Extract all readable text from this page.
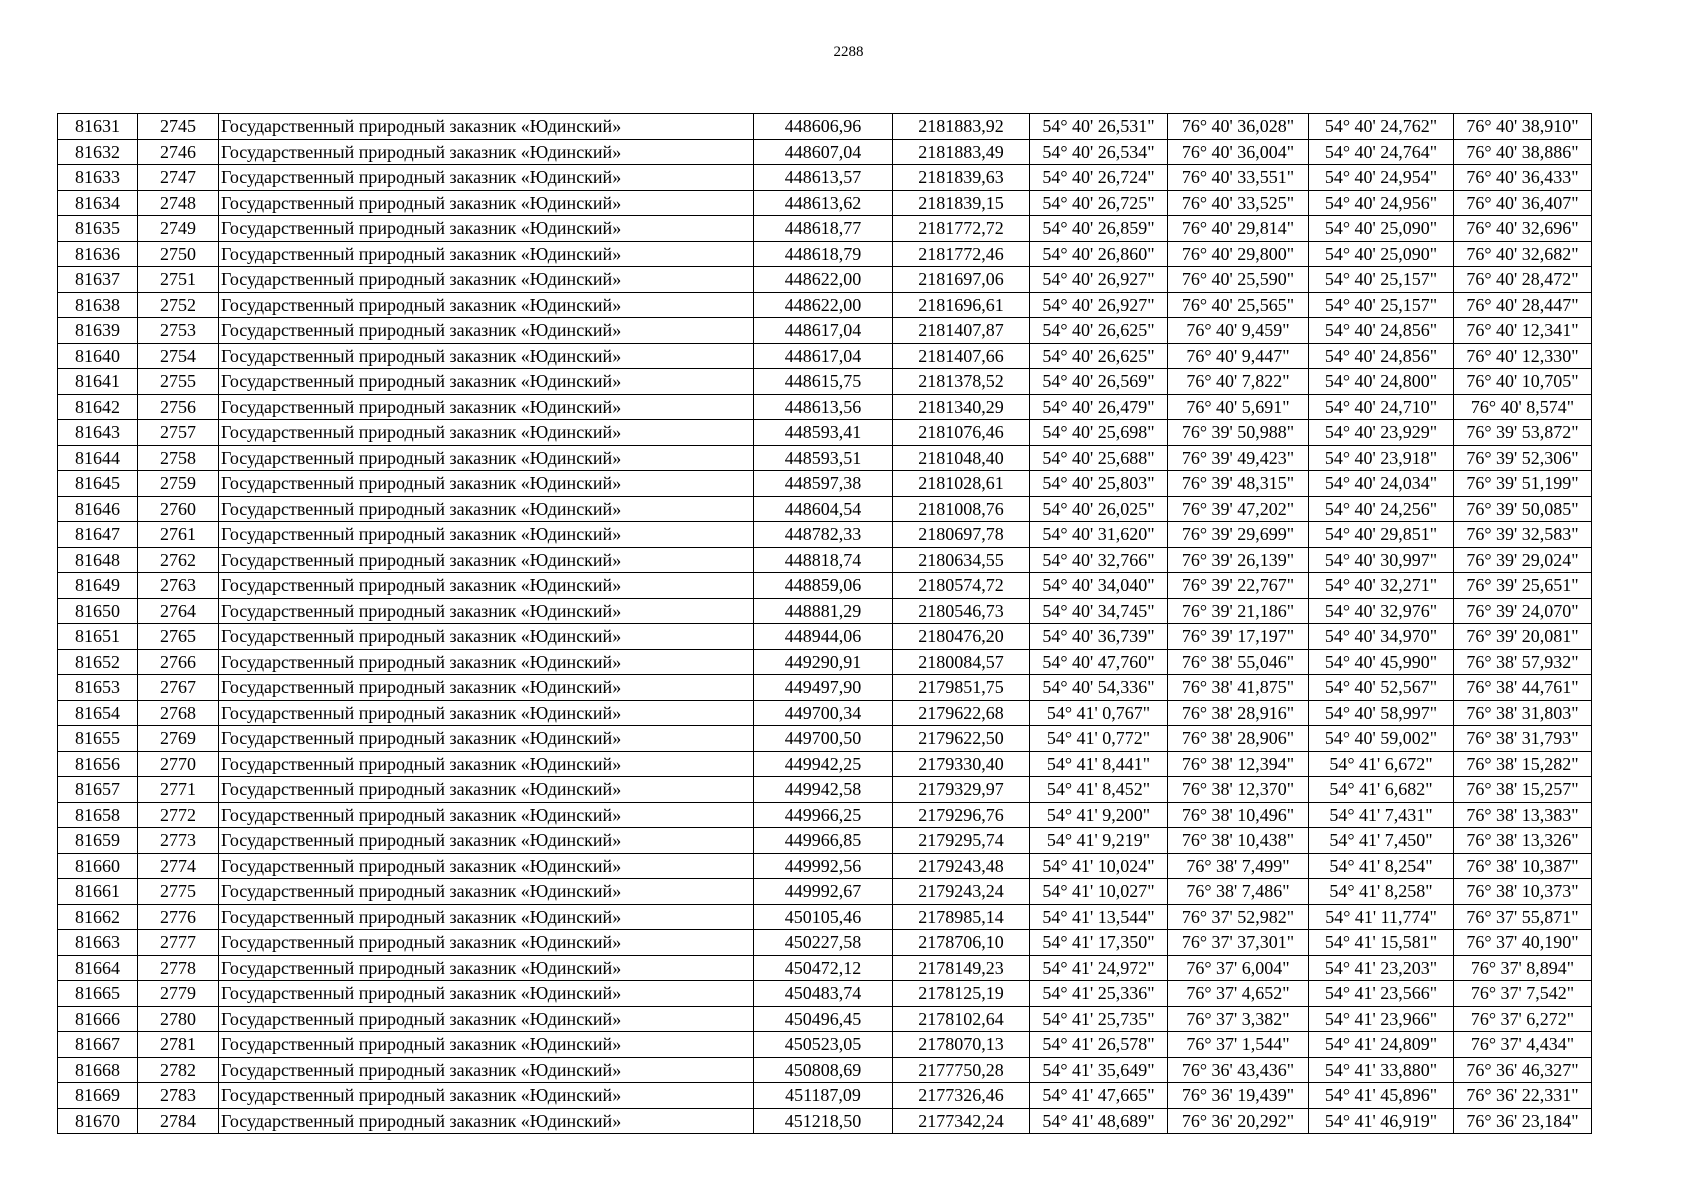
2288
81631	2745	Государственный природный заказник «Юдинский»	448606,96	2181883,92	54° 40' 26,531"	76° 40' 36,028"	54° 40' 24,762"	76° 40' 38,910"
81632	2746	Государственный природный заказник «Юдинский»	448607,04	2181883,49	54° 40' 26,534"	76° 40' 36,004"	54° 40' 24,764"	76° 40' 38,886"
81633	2747	Государственный природный заказник «Юдинский»	448613,57	2181839,63	54° 40' 26,724"	76° 40' 33,551"	54° 40' 24,954"	76° 40' 36,433"
81634	2748	Государственный природный заказник «Юдинский»	448613,62	2181839,15	54° 40' 26,725"	76° 40' 33,525"	54° 40' 24,956"	76° 40' 36,407"
81635	2749	Государственный природный заказник «Юдинский»	448618,77	2181772,72	54° 40' 26,859"	76° 40' 29,814"	54° 40' 25,090"	76° 40' 32,696"
81636	2750	Государственный природный заказник «Юдинский»	448618,79	2181772,46	54° 40' 26,860"	76° 40' 29,800"	54° 40' 25,090"	76° 40' 32,682"
81637	2751	Государственный природный заказник «Юдинский»	448622,00	2181697,06	54° 40' 26,927"	76° 40' 25,590"	54° 40' 25,157"	76° 40' 28,472"
81638	2752	Государственный природный заказник «Юдинский»	448622,00	2181696,61	54° 40' 26,927"	76° 40' 25,565"	54° 40' 25,157"	76° 40' 28,447"
81639	2753	Государственный природный заказник «Юдинский»	448617,04	2181407,87	54° 40' 26,625"	76° 40' 9,459"	54° 40' 24,856"	76° 40' 12,341"
81640	2754	Государственный природный заказник «Юдинский»	448617,04	2181407,66	54° 40' 26,625"	76° 40' 9,447"	54° 40' 24,856"	76° 40' 12,330"
81641	2755	Государственный природный заказник «Юдинский»	448615,75	2181378,52	54° 40' 26,569"	76° 40' 7,822"	54° 40' 24,800"	76° 40' 10,705"
81642	2756	Государственный природный заказник «Юдинский»	448613,56	2181340,29	54° 40' 26,479"	76° 40' 5,691"	54° 40' 24,710"	76° 40' 8,574"
81643	2757	Государственный природный заказник «Юдинский»	448593,41	2181076,46	54° 40' 25,698"	76° 39' 50,988"	54° 40' 23,929"	76° 39' 53,872"
81644	2758	Государственный природный заказник «Юдинский»	448593,51	2181048,40	54° 40' 25,688"	76° 39' 49,423"	54° 40' 23,918"	76° 39' 52,306"
81645	2759	Государственный природный заказник «Юдинский»	448597,38	2181028,61	54° 40' 25,803"	76° 39' 48,315"	54° 40' 24,034"	76° 39' 51,199"
81646	2760	Государственный природный заказник «Юдинский»	448604,54	2181008,76	54° 40' 26,025"	76° 39' 47,202"	54° 40' 24,256"	76° 39' 50,085"
81647	2761	Государственный природный заказник «Юдинский»	448782,33	2180697,78	54° 40' 31,620"	76° 39' 29,699"	54° 40' 29,851"	76° 39' 32,583"
81648	2762	Государственный природный заказник «Юдинский»	448818,74	2180634,55	54° 40' 32,766"	76° 39' 26,139"	54° 40' 30,997"	76° 39' 29,024"
81649	2763	Государственный природный заказник «Юдинский»	448859,06	2180574,72	54° 40' 34,040"	76° 39' 22,767"	54° 40' 32,271"	76° 39' 25,651"
81650	2764	Государственный природный заказник «Юдинский»	448881,29	2180546,73	54° 40' 34,745"	76° 39' 21,186"	54° 40' 32,976"	76° 39' 24,070"
81651	2765	Государственный природный заказник «Юдинский»	448944,06	2180476,20	54° 40' 36,739"	76° 39' 17,197"	54° 40' 34,970"	76° 39' 20,081"
81652	2766	Государственный природный заказник «Юдинский»	449290,91	2180084,57	54° 40' 47,760"	76° 38' 55,046"	54° 40' 45,990"	76° 38' 57,932"
81653	2767	Государственный природный заказник «Юдинский»	449497,90	2179851,75	54° 40' 54,336"	76° 38' 41,875"	54° 40' 52,567"	76° 38' 44,761"
81654	2768	Государственный природный заказник «Юдинский»	449700,34	2179622,68	54° 41' 0,767"	76° 38' 28,916"	54° 40' 58,997"	76° 38' 31,803"
81655	2769	Государственный природный заказник «Юдинский»	449700,50	2179622,50	54° 41' 0,772"	76° 38' 28,906"	54° 40' 59,002"	76° 38' 31,793"
81656	2770	Государственный природный заказник «Юдинский»	449942,25	2179330,40	54° 41' 8,441"	76° 38' 12,394"	54° 41' 6,672"	76° 38' 15,282"
81657	2771	Государственный природный заказник «Юдинский»	449942,58	2179329,97	54° 41' 8,452"	76° 38' 12,370"	54° 41' 6,682"	76° 38' 15,257"
81658	2772	Государственный природный заказник «Юдинский»	449966,25	2179296,76	54° 41' 9,200"	76° 38' 10,496"	54° 41' 7,431"	76° 38' 13,383"
81659	2773	Государственный природный заказник «Юдинский»	449966,85	2179295,74	54° 41' 9,219"	76° 38' 10,438"	54° 41' 7,450"	76° 38' 13,326"
81660	2774	Государственный природный заказник «Юдинский»	449992,56	2179243,48	54° 41' 10,024"	76° 38' 7,499"	54° 41' 8,254"	76° 38' 10,387"
81661	2775	Государственный природный заказник «Юдинский»	449992,67	2179243,24	54° 41' 10,027"	76° 38' 7,486"	54° 41' 8,258"	76° 38' 10,373"
81662	2776	Государственный природный заказник «Юдинский»	450105,46	2178985,14	54° 41' 13,544"	76° 37' 52,982"	54° 41' 11,774"	76° 37' 55,871"
81663	2777	Государственный природный заказник «Юдинский»	450227,58	2178706,10	54° 41' 17,350"	76° 37' 37,301"	54° 41' 15,581"	76° 37' 40,190"
81664	2778	Государственный природный заказник «Юдинский»	450472,12	2178149,23	54° 41' 24,972"	76° 37' 6,004"	54° 41' 23,203"	76° 37' 8,894"
81665	2779	Государственный природный заказник «Юдинский»	450483,74	2178125,19	54° 41' 25,336"	76° 37' 4,652"	54° 41' 23,566"	76° 37' 7,542"
81666	2780	Государственный природный заказник «Юдинский»	450496,45	2178102,64	54° 41' 25,735"	76° 37' 3,382"	54° 41' 23,966"	76° 37' 6,272"
81667	2781	Государственный природный заказник «Юдинский»	450523,05	2178070,13	54° 41' 26,578"	76° 37' 1,544"	54° 41' 24,809"	76° 37' 4,434"
81668	2782	Государственный природный заказник «Юдинский»	450808,69	2177750,28	54° 41' 35,649"	76° 36' 43,436"	54° 41' 33,880"	76° 36' 46,327"
81669	2783	Государственный природный заказник «Юдинский»	451187,09	2177326,46	54° 41' 47,665"	76° 36' 19,439"	54° 41' 45,896"	76° 36' 22,331"
81670	2784	Государственный природный заказник «Юдинский»	451218,50	2177342,24	54° 41' 48,689"	76° 36' 20,292"	54° 41' 46,919"	76° 36' 23,184"
